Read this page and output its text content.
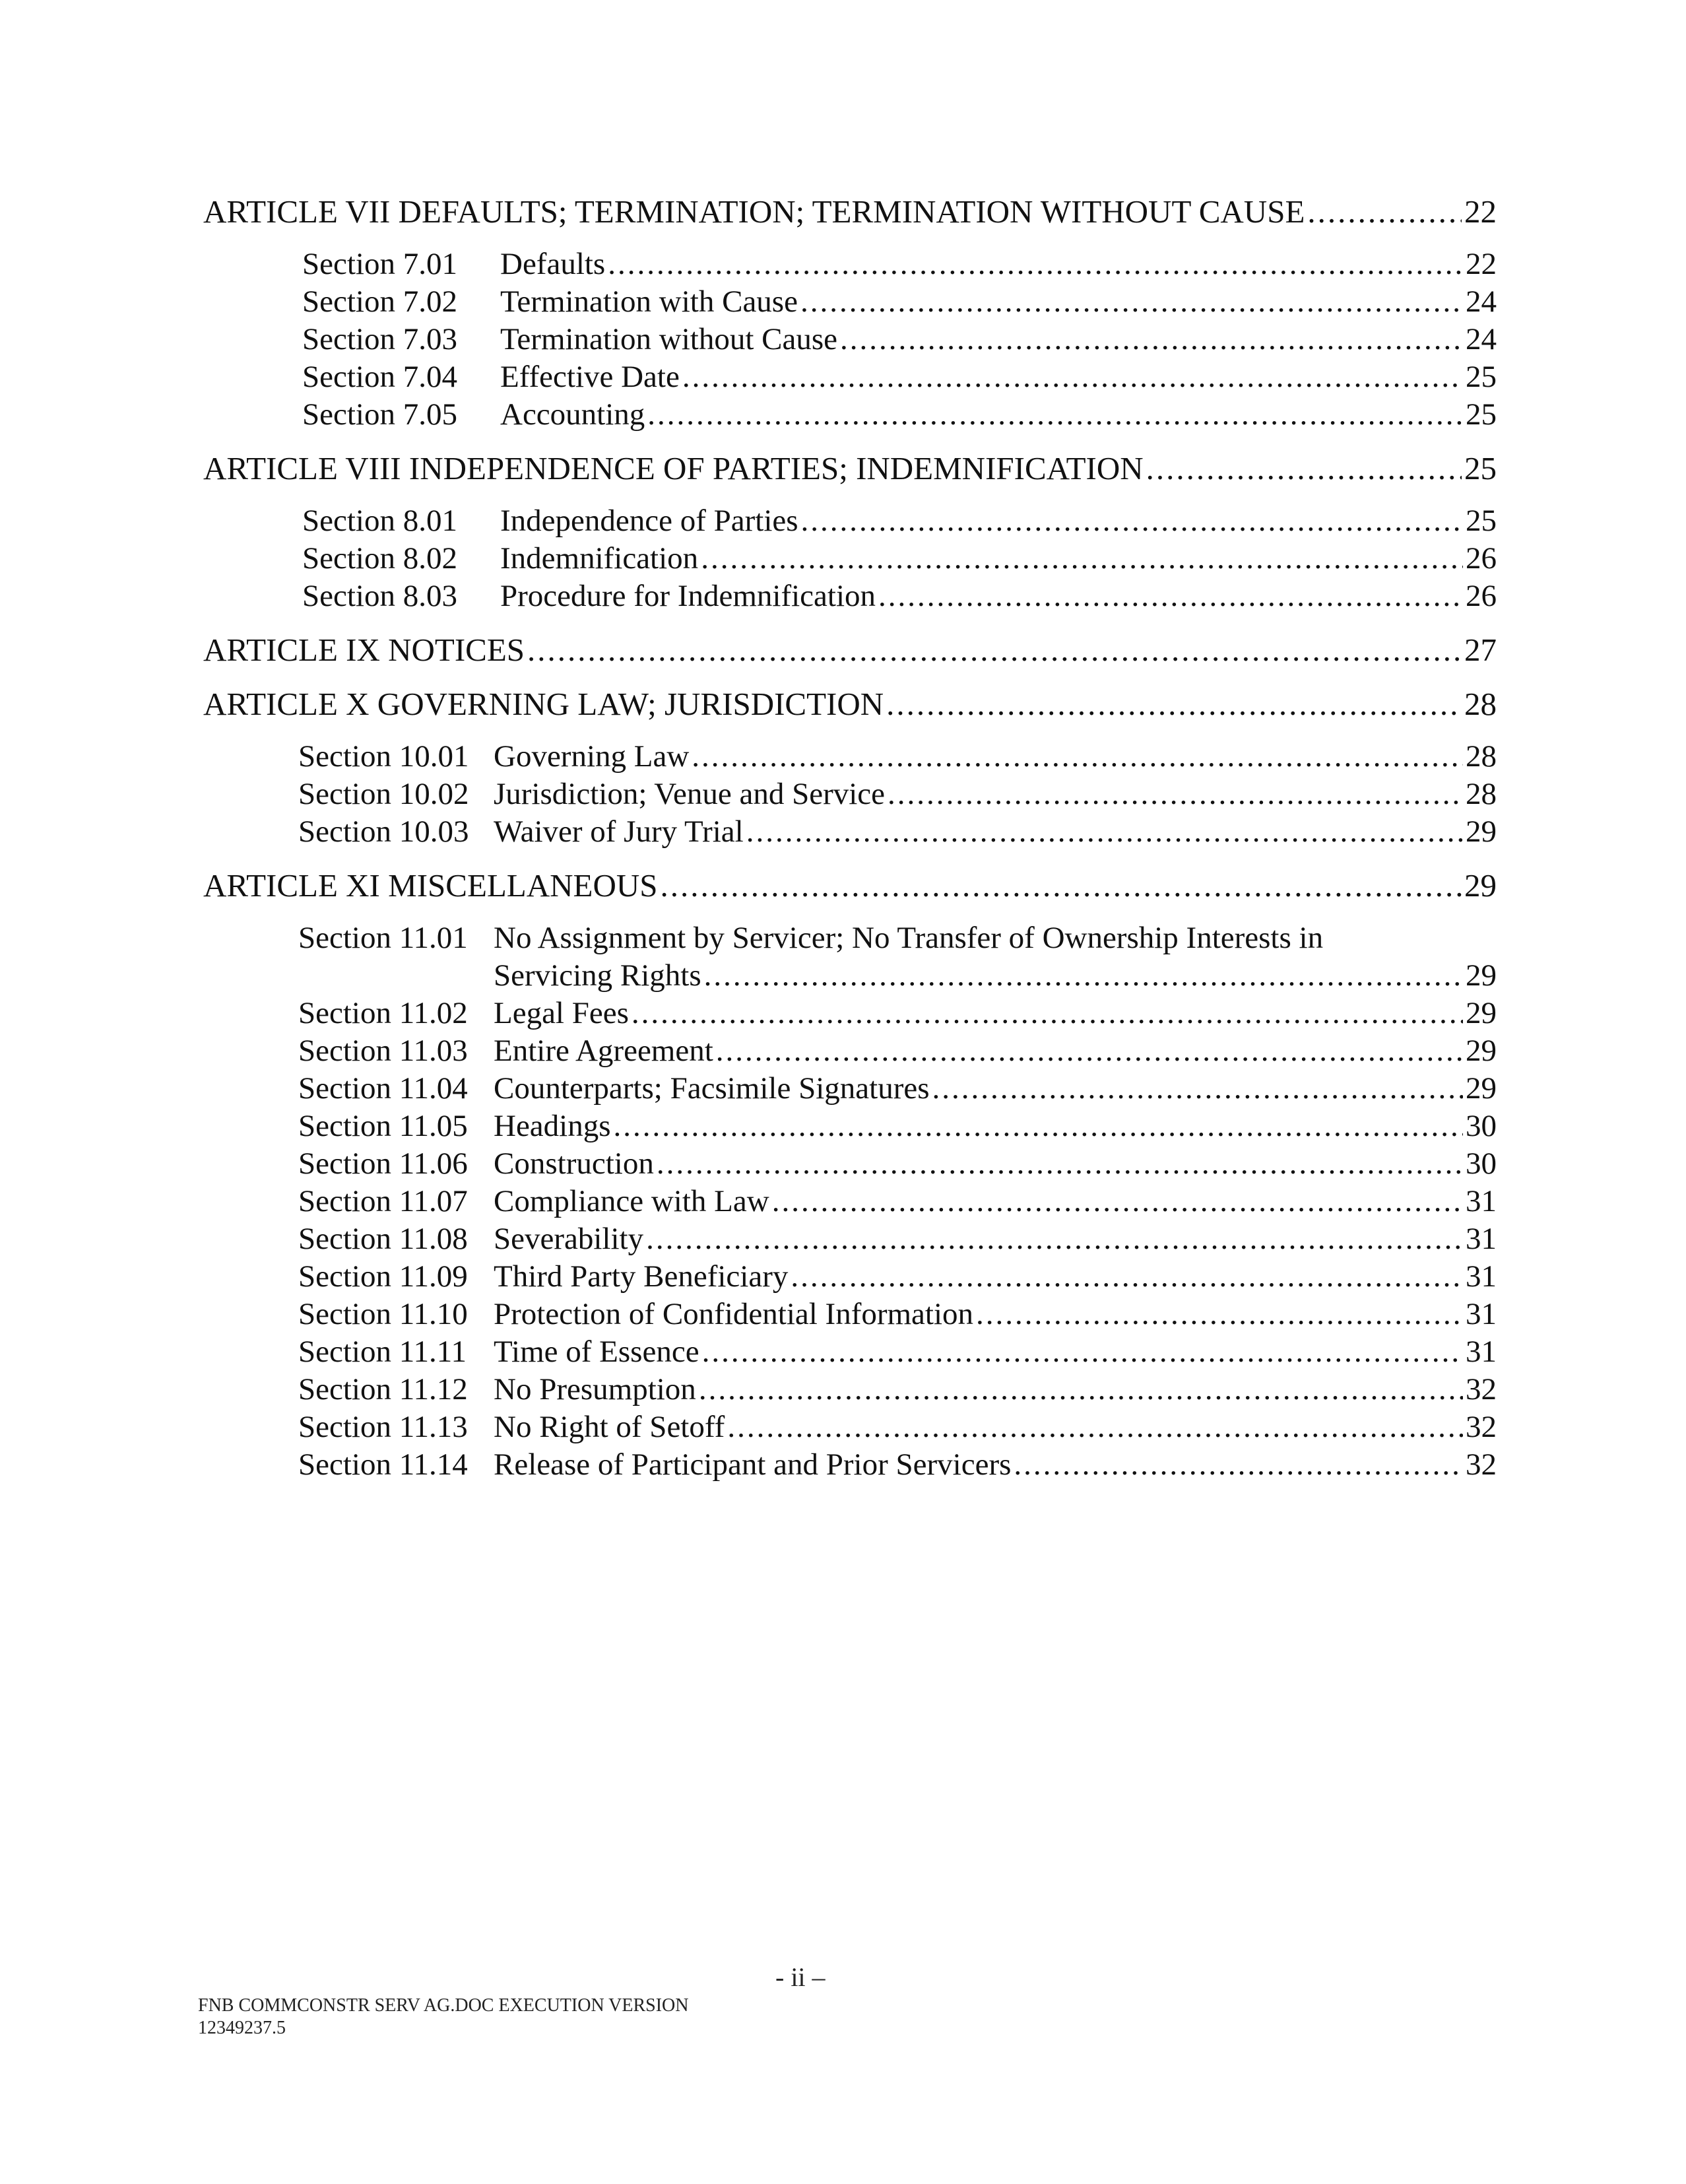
ARTICLE VII DEFAULTS; TERMINATION; TERMINATION WITHOUT CAUSE .....	22
Section 7.01	Defaults .....	22
Section 7.02	Termination with Cause .....	24
Section 7.03	Termination without Cause .....	24
Section 7.04	Effective Date .....	25
Section 7.05	Accounting .....	25
ARTICLE VIII INDEPENDENCE OF PARTIES; INDEMNIFICATION .....	25
Section 8.01	Independence of Parties .....	25
Section 8.02	Indemnification .....	26
Section 8.03	Procedure for Indemnification .....	26
ARTICLE IX NOTICES .....	27
ARTICLE X GOVERNING LAW; JURISDICTION .....	28
Section 10.01 Governing Law .....	28
Section 10.02 Jurisdiction; Venue and Service .....	28
Section 10.03 Waiver of Jury Trial .....	29
ARTICLE XI MISCELLANEOUS .....	29
Section 11.01 No Assignment by Servicer; No Transfer of Ownership Interests in
Servicing Rights .....	29
Section 11.02 Legal Fees .....	29
Section 11.03 Entire Agreement .....	29
Section 11.04 Counterparts; Facsimile Signatures .....	29
Section 11.05 Headings .....	30
Section 11.06 Construction .....	30
Section 11.07 Compliance with Law .....	31
Section 11.08 Severability .....	31
Section 11.09 Third Party Beneficiary .....	31
Section 11.10 Protection of Confidential Information .....	31
Section 11.11 Time of Essence .....	31
Section 11.12 No Presumption .....	32
Section 11.13 No Right of Setoff .....	32
Section 11.14 Release of Participant and Prior Servicers .....	32
- ii –
FNB COMMCONSTR SERV AG.DOC EXECUTION VERSION
12349237.5
